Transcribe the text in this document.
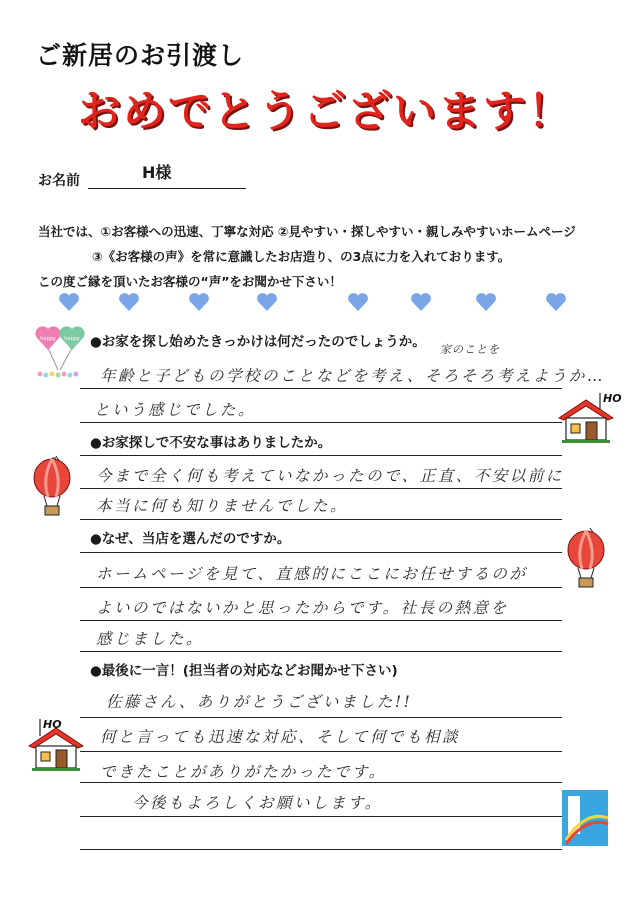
ご新居のお引渡し
おめでとうございます！
お名前	H様
当社では、①お客様への迅速、丁寧な対応 ②見やすい・探しやすい・親しみやすいホームページ
③《お客様の声》を常に意識したお店造り、の3点に力を入れております。
この度ご縁を頂いたお客様の“声”をお聞かせ下さい！
●お家を探し始めたきっかけは何だったのでしょうか。 家のことを
年齢と子どもの学校のことなどを考え、そろそろ考えようか…
という感じでした。
●お家探しで不安な事はありましたか。
今まで全く何も考えていなかったので、正直、不安以前に
本当に何も知りませんでした。
●なぜ、当店を選んだのですか。
ホームページを見て、直感的にここにお任せするのが
よいのではないかと思ったからです。社長の熱意を
感じました。
●最後に一言！(担当者の対応などお聞かせ下さい)
佐藤さん、ありがとうございました!!
何と言っても迅速な対応、そして何でも相談
できたことがありがたかったです。
今後もよろしくお願いします。
happy happy
HO
HO
